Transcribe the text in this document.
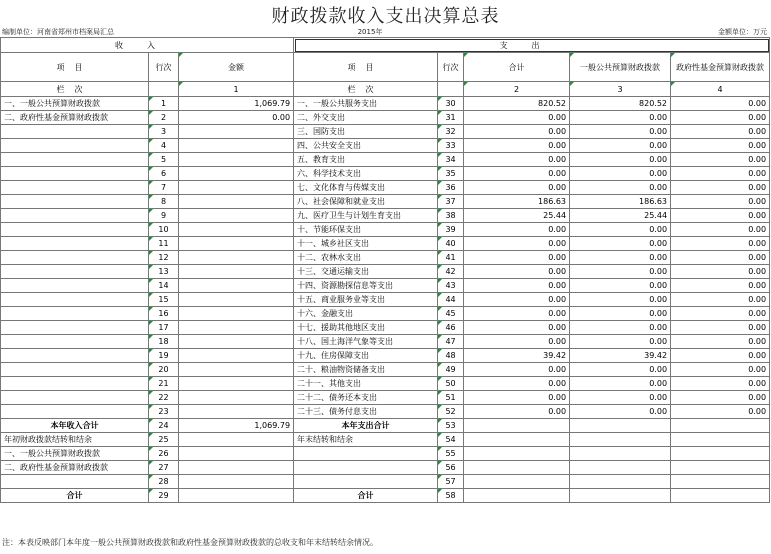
财政拨款收入支出决算总表
编制单位：河南省郑州市档案局汇总	2015年	金额单位：万元
收入			支出				
项目	行次	金额	项目	行次	合计	一般公共预算财政拨款	政府性基金预算财政拨款
栏次		1	栏次		2	3	4
一、一般公共预算财政拨款	1	1,069.79	一、一般公共服务支出	30	820.52	820.52	0.00
二、政府性基金预算财政拨款	2	0.00	二、外交支出	31	0.00	0.00	0.00
	3		三、国防支出	32	0.00	0.00	0.00
	4		四、公共安全支出	33	0.00	0.00	0.00
	5		五、教育支出	34	0.00	0.00	0.00
	6		六、科学技术支出	35	0.00	0.00	0.00
	7		七、文化体育与传媒支出	36	0.00	0.00	0.00
	8		八、社会保障和就业支出	37	186.63	186.63	0.00
	9		九、医疗卫生与计划生育支出	38	25.44	25.44	0.00
	10		十、节能环保支出	39	0.00	0.00	0.00
	11		十一、城乡社区支出	40	0.00	0.00	0.00
	12		十二、农林水支出	41	0.00	0.00	0.00
	13		十三、交通运输支出	42	0.00	0.00	0.00
	14		十四、资源勘探信息等支出	43	0.00	0.00	0.00
	15		十五、商业服务业等支出	44	0.00	0.00	0.00
	16		十六、金融支出	45	0.00	0.00	0.00
	17		十七、援助其他地区支出	46	0.00	0.00	0.00
	18		十八、国土海洋气象等支出	47	0.00	0.00	0.00
	19		十九、住房保障支出	48	39.42	39.42	0.00
	20		二十、粮油物资储备支出	49	0.00	0.00	0.00
	21		二十一、其他支出	50	0.00	0.00	0.00
	22		二十二、债务还本支出	51	0.00	0.00	0.00
	23		二十三、债务付息支出	52	0.00	0.00	0.00
本年收入合计	24	1,069.79	本年支出合计	53			
年初财政拨款结转和结余	25		年末结转和结余	54			
一、一般公共预算财政拨款	26			55			
二、政府性基金预算财政拨款	27			56			
	28			57			
合计	29		合计	58			
注：本表反映部门本年度一般公共预算财政拨款和政府性基金预算财政拨款的总收支和年末结转结余情况。
